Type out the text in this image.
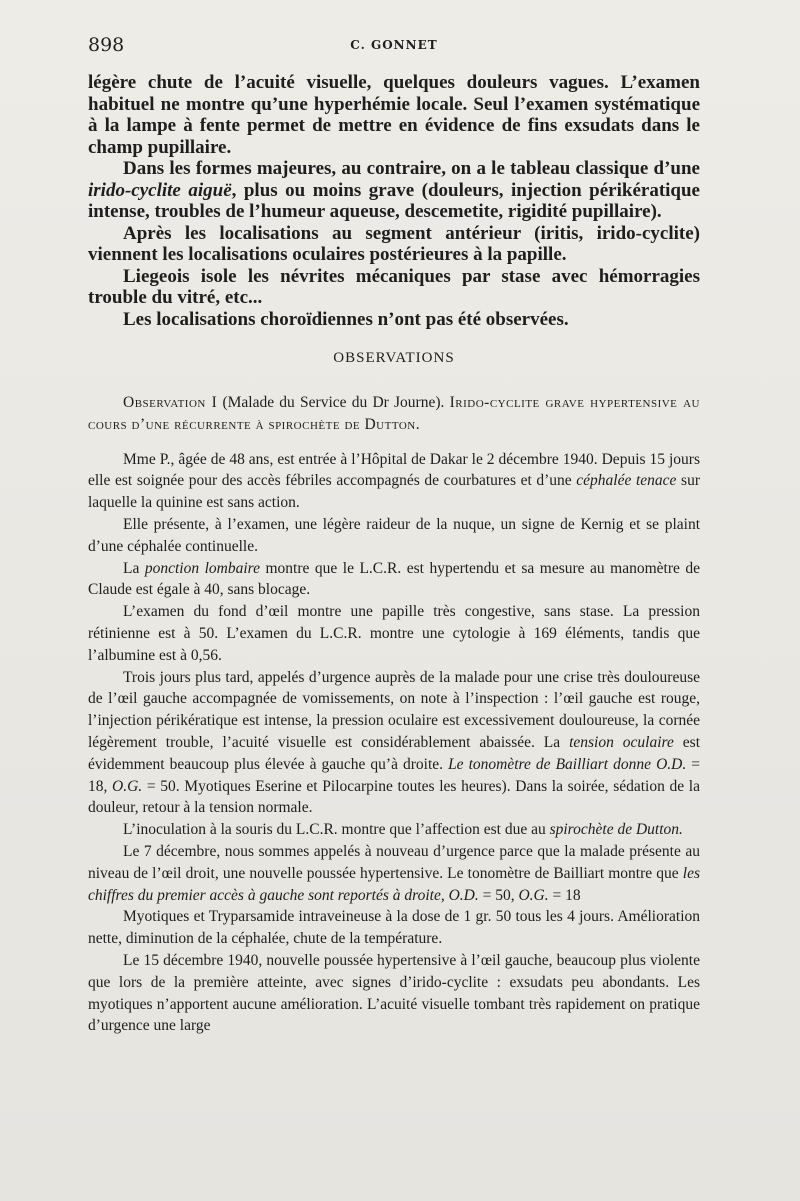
898	C. GONNET

légère chute de l’acuité visuelle, quelques douleurs vagues. L’examen habituel ne montre qu’une hyperhémie locale. Seul l’examen systématique à la lampe à fente permet de mettre en évidence de fins exsudats dans le champ pupillaire.

Dans les formes majeures, au contraire, on a le tableau classique d’une irido-cyclite aiguë, plus ou moins grave (douleurs, injection périkératique intense, troubles de l’humeur aqueuse, descemetite, rigidité pupillaire).

Après les localisations au segment antérieur (iritis, irido-cyclite) viennent les localisations oculaires postérieures à la papille.

Liegeois isole les névrites mécaniques par stase avec hémorragies trouble du vitré, etc...

Les localisations choroïdiennes n’ont pas été observées.

OBSERVATIONS

Observation I (Malade du Service du Dr Journe). Irido-cyclite grave hypertensive au cours d’une récurrente à spirochète de Dutton.

Mme P., âgée de 48 ans, est entrée à l’Hôpital de Dakar le 2 décembre 1940. Depuis 15 jours elle est soignée pour des accès fébriles accompagnés de courbatures et d’une céphalée tenace sur laquelle la quinine est sans action.

Elle présente, à l’examen, une légère raideur de la nuque, un signe de Kernig et se plaint d’une céphalée continuelle.

La ponction lombaire montre que le L.C.R. est hypertendu et sa mesure au manomètre de Claude est égale à 40, sans blocage.

L’examen du fond d’œil montre une papille très congestive, sans stase. La pression rétinienne est à 50. L’examen du L.C.R. montre une cytologie à 169 éléments, tandis que l’albumine est à 0,56.

Trois jours plus tard, appelés d’urgence auprès de la malade pour une crise très douloureuse de l’œil gauche accompagnée de vomissements, on note à l’inspection : l’œil gauche est rouge, l’injection périkératique est intense, la pression oculaire est excessivement douloureuse, la cornée légèrement trouble, l’acuité visuelle est considérablement abaissée. La tension oculaire est évidemment beaucoup plus élevée à gauche qu’à droite. Le tonomètre de Bailliart donne O.D. = 18, O.G. = 50. Myotiques Eserine et Pilocarpine toutes les heures). Dans la soirée, sédation de la douleur, retour à la tension normale.

L’inoculation à la souris du L.C.R. montre que l’affection est due au spirochète de Dutton.

Le 7 décembre, nous sommes appelés à nouveau d’urgence parce que la malade présente au niveau de l’œil droit, une nouvelle poussée hypertensive. Le tonomètre de Bailliart montre que les chiffres du premier accès à gauche sont reportés à droite, O.D. = 50, O.G. = 18

Myotiques et Tryparsamide intraveineuse à la dose de 1 gr. 50 tous les 4 jours. Amélioration nette, diminution de la céphalée, chute de la température.

Le 15 décembre 1940, nouvelle poussée hypertensive à l’œil gauche, beaucoup plus violente que lors de la première atteinte, avec signes d’irido-cyclite : exsudats peu abondants. Les myotiques n’apportent aucune amélioration. L’acuité visuelle tombant très rapidement on pratique d’urgence une large
